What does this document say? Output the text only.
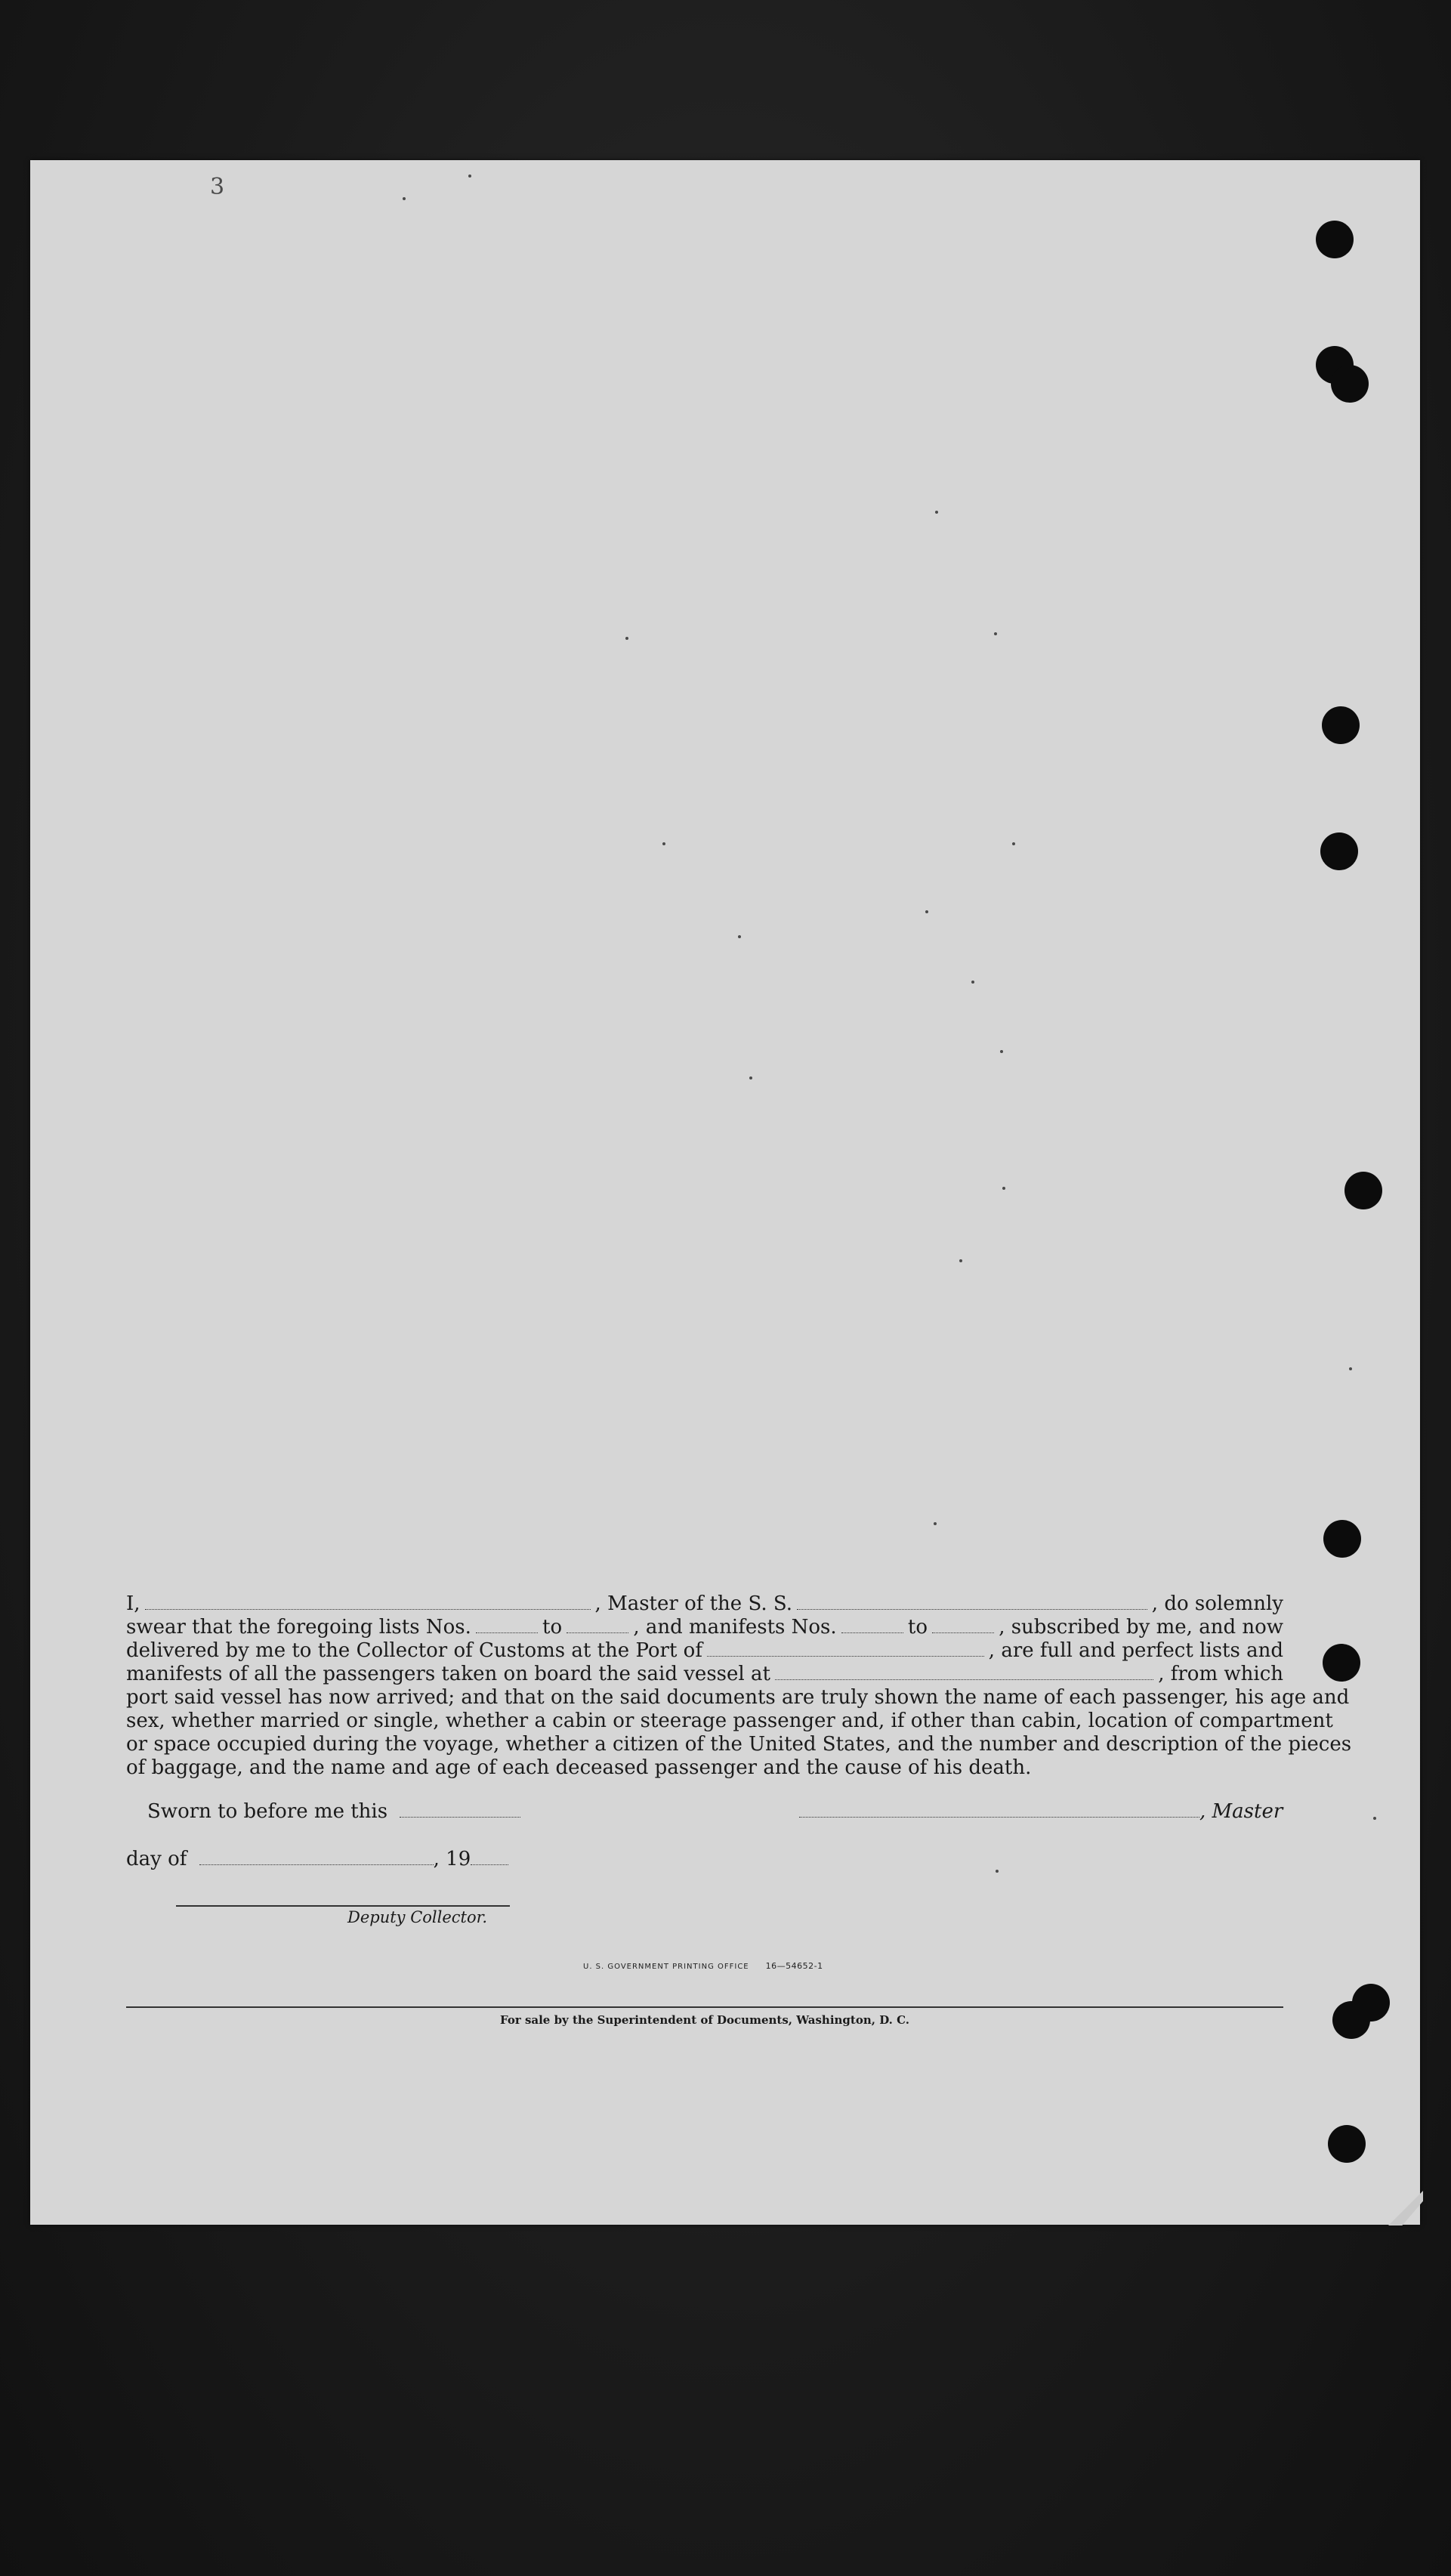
3
I,	, Master of the S. S.	, do solemnly
swear that the foregoing lists Nos.	to	, and manifests Nos.	to	, subscribed by me, and now
delivered by me to the Collector of Customs at the Port of	, are full and perfect lists and
manifests of all the passengers taken on board the said vessel at	, from which
port said vessel has now arrived; and that on the said documents are truly shown the name of each passenger, his age and
sex, whether married or single, whether a cabin or steerage passenger and, if other than cabin, location of compartment
or space occupied during the voyage, whether a citizen of the United States, and the number and description of the pieces
of baggage, and the name and age of each deceased passenger and the cause of his death.
Sworn to before me this	, Master
day of	, 19
Deputy Collector.
U. S. GOVERNMENT PRINTING OFFICE 16—54652-1
For sale by the Superintendent of Documents, Washington, D. C.
